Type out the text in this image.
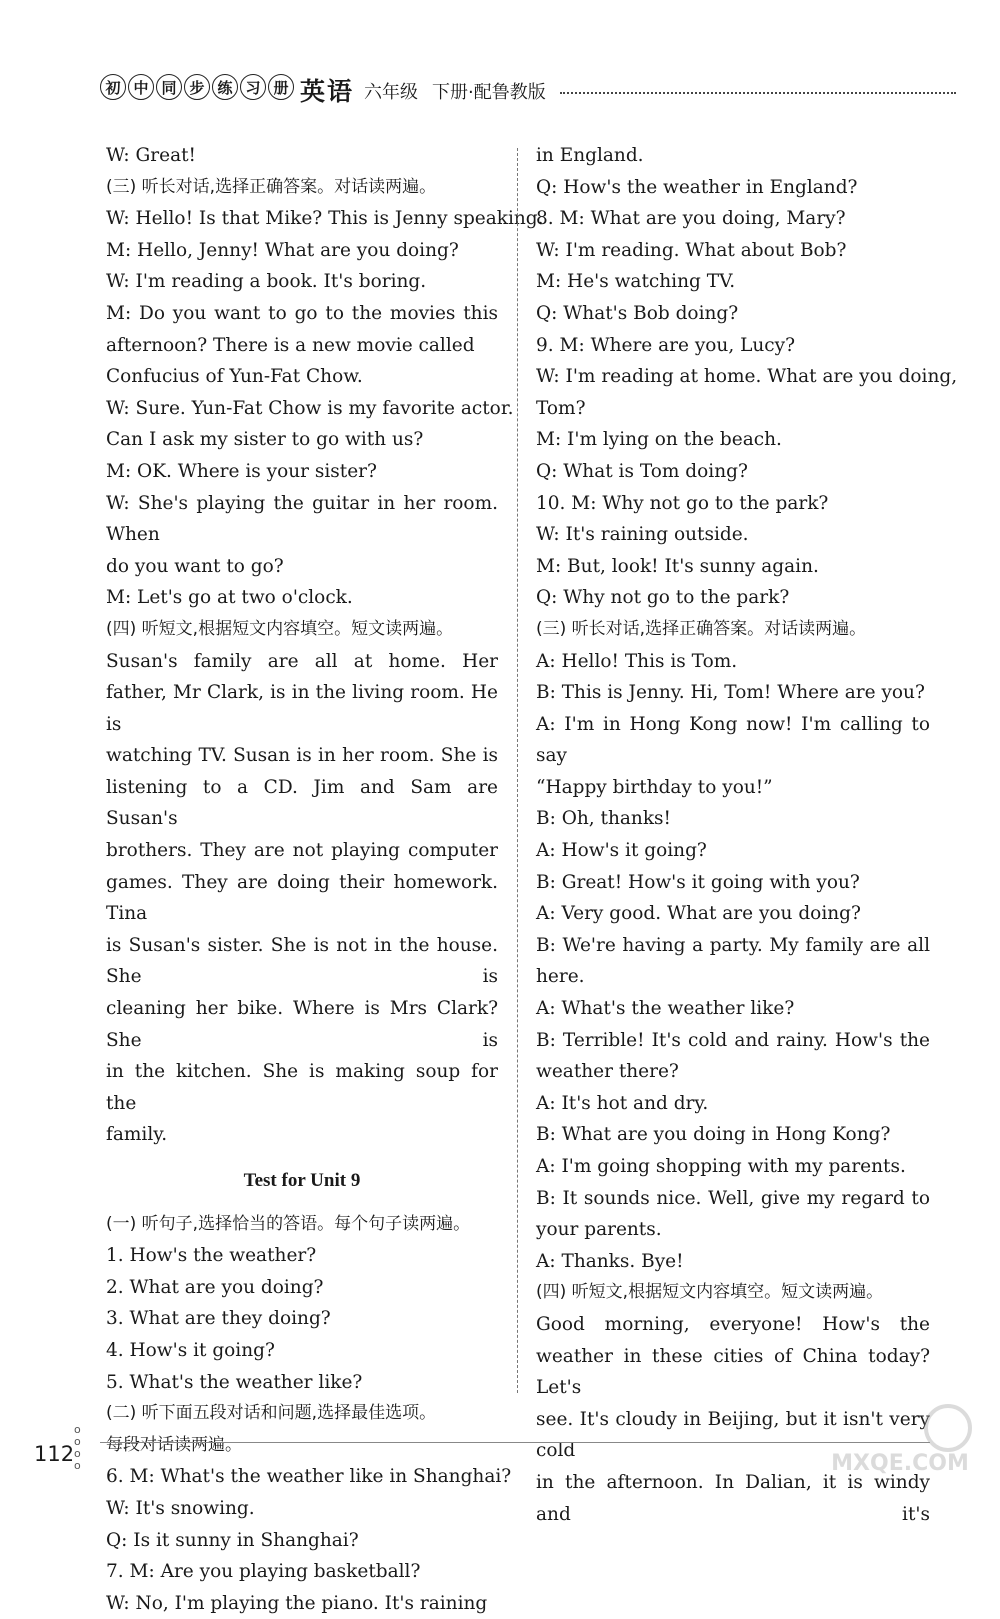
初 中 同 步 练 习 册 英语 六年级 下册·配鲁教版
W: Great!
(三) 听长对话,选择正确答案。对话读两遍。
W: Hello! Is that Mike? This is Jenny speaking.
M: Hello, Jenny! What are you doing?
W: I'm reading a book. It's boring.
M: Do you want to go to the movies this
afternoon? There is a new movie called
Confucius of Yun-Fat Chow.
W: Sure. Yun-Fat Chow is my favorite actor.
Can I ask my sister to go with us?
M: OK. Where is your sister?
W: She's playing the guitar in her room. When
do you want to go?
M: Let's go at two o'clock.
(四) 听短文,根据短文内容填空。短文读两遍。
Susan's family are all at home. Her
father, Mr Clark, is in the living room. He is
watching TV. Susan is in her room. She is
listening to a CD. Jim and Sam are Susan's
brothers. They are not playing computer
games. They are doing their homework. Tina
is Susan's sister. She is not in the house. She is
cleaning her bike. Where is Mrs Clark? She is
in the kitchen. She is making soup for the
family.
Test for Unit 9
(一) 听句子,选择恰当的答语。每个句子读两遍。
1. How's the weather?
2. What are you doing?
3. What are they doing?
4. How's it going?
5. What's the weather like?
(二) 听下面五段对话和问题,选择最佳选项。
每段对话读两遍。
6. M: What's the weather like in Shanghai?
W: It's snowing.
Q: Is it sunny in Shanghai?
7. M: Are you playing basketball?
W: No, I'm playing the piano. It's raining
in England.
Q: How's the weather in England?
8. M: What are you doing, Mary?
W: I'm reading. What about Bob?
M: He's watching TV.
Q: What's Bob doing?
9. M: Where are you, Lucy?
W: I'm reading at home. What are you doing,
Tom?
M: I'm lying on the beach.
Q: What is Tom doing?
10. M: Why not go to the park?
W: It's raining outside.
M: But, look! It's sunny again.
Q: Why not go to the park?
(三) 听长对话,选择正确答案。对话读两遍。
A: Hello! This is Tom.
B: This is Jenny. Hi, Tom! Where are you?
A: I'm in Hong Kong now! I'm calling to say
“Happy birthday to you!”
B: Oh, thanks!
A: How's it going?
B: Great! How's it going with you?
A: Very good. What are you doing?
B: We're having a party. My family are all
here.
A: What's the weather like?
B: Terrible! It's cold and rainy. How's the
weather there?
A: It's hot and dry.
B: What are you doing in Hong Kong?
A: I'm going shopping with my parents.
B: It sounds nice. Well, give my regard to
your parents.
A: Thanks. Bye!
(四) 听短文,根据短文内容填空。短文读两遍。
Good morning, everyone! How's the
weather in these cities of China today? Let's
see. It's cloudy in Beijing, but it isn't very cold
in the afternoon. In Dalian, it is windy and it's
112
o
o
o
o	MXQE.COM
